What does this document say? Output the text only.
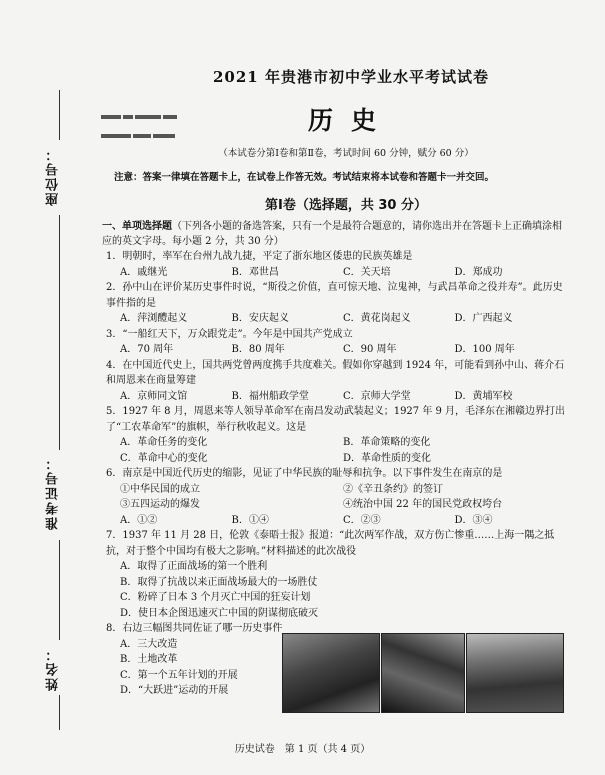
座位号：
准考证号：
姓名：

2021 年贵港市初中学业水平考试试卷
历史
（本试卷分第Ⅰ卷和第Ⅱ卷，考试时间 60 分钟，赋分 60 分）
注意：答案一律填在答题卡上，在试卷上作答无效。考试结束将本试卷和答题卡一并交回。
第Ⅰ卷（选择题，共 30 分）
一、单项选择题（下列各小题的备选答案，只有一个是最符合题意的，请你选出并在答题卡上正确填涂相应的英文字母。每小题 2 分，共 30 分）
1．明朝时，率军在台州九战九捷，平定了浙东地区倭患的民族英雄是
A．戚继光	B．邓世昌	C．关天培	D．郑成功
2．孙中山在评价某历史事件时说，“斯役之价值，直可惊天地、泣鬼神，与武昌革命之役并寿”。此历史事件指的是
A．萍浏醴起义	B．安庆起义	C．黄花岗起义	D．广西起义
3．“一船红天下，万众跟党走”。今年是中国共产党成立
A．70 周年	B．80 周年	C．90 周年	D．100 周年
4．在中国近代史上，国共两党曾两度携手共度难关。假如你穿越到 1924 年，可能看到孙中山、蒋介石和周恩来在商量筹建
A．京师同文馆	B．福州船政学堂	C．京师大学堂	D．黄埔军校
5．1927 年 8 月，周恩来等人领导革命军在南昌发动武装起义；1927 年 9 月，毛泽东在湘赣边界打出了“工农革命军”的旗帜，举行秋收起义。这是
A．革命任务的变化	B．革命策略的变化
C．革命中心的变化	D．革命性质的变化
6．南京是中国近代历史的缩影，见证了中华民族的耻辱和抗争。以下事件发生在南京的是
①中华民国的成立	②《辛丑条约》的签订
③五四运动的爆发	④统治中国 22 年的国民党政权垮台
A．①②	B．①④	C．②③	D．③④
7．1937 年 11 月 28 日，伦敦《泰晤士报》报道：“此次两军作战，双方伤亡惨重……上海一隅之抵抗，对于整个中国均有极大之影响。”材料描述的此次战役
A．取得了正面战场的第一个胜利
B．取得了抗战以来正面战场最大的一场胜仗
C．粉碎了日本 3 个月灭亡中国的狂妄计划
D．使日本企图迅速灭亡中国的阴谋彻底破灭
8．右边三幅图共同佐证了哪一历史事件
A．三大改造
B．土地改革
C．第一个五年计划的开展
D．“大跃进”运动的开展
历史试卷　第 1 页（共 4 页）
